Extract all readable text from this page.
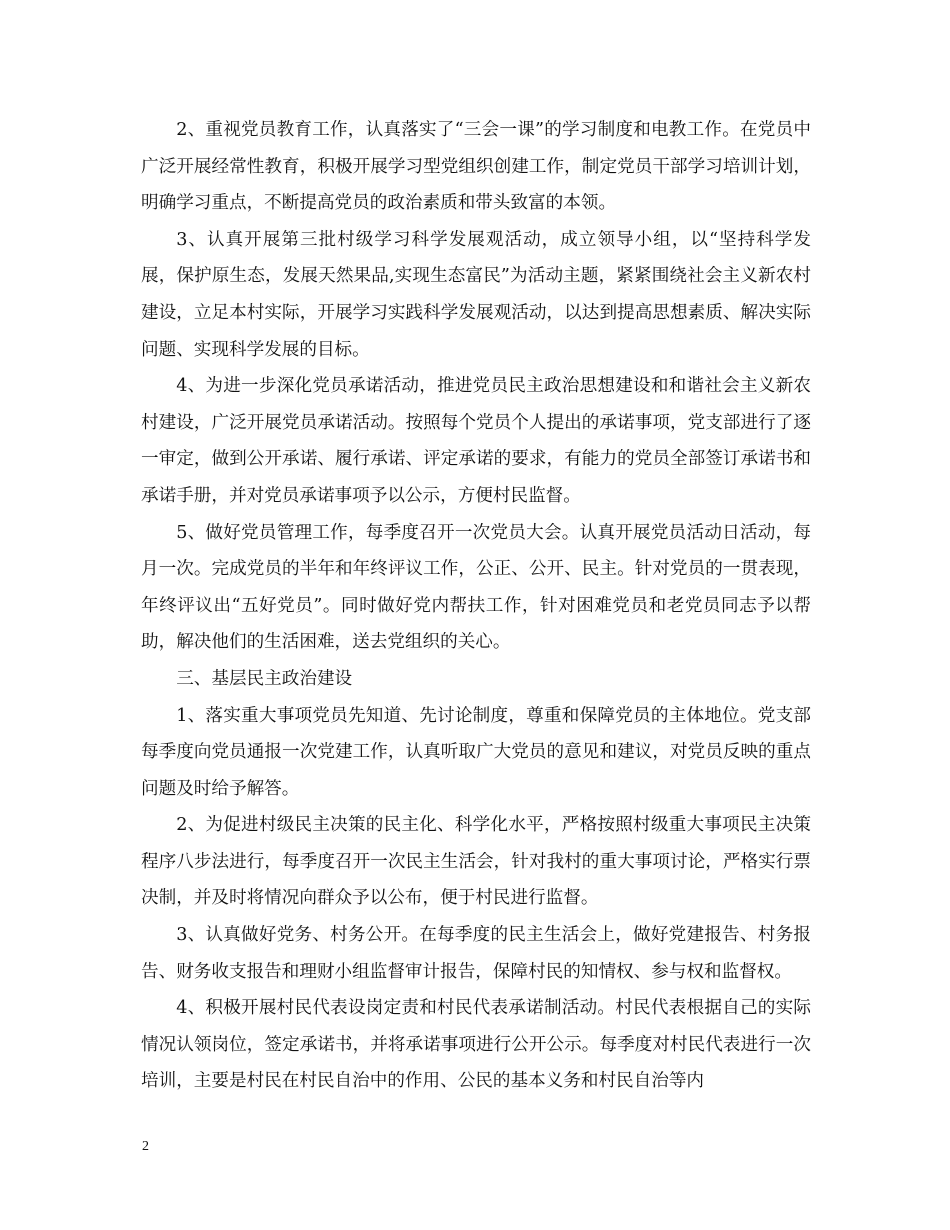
2、重视党员教育工作，认真落实了“三会一课”的学习制度和电教工作。在党员中广泛开展经常性教育，积极开展学习型党组织创建工作，制定党员干部学习培训计划，明确学习重点，不断提高党员的政治素质和带头致富的本领。

3、认真开展第三批村级学习科学发展观活动，成立领导小组，以“坚持科学发展，保护原生态，发展天然果品,实现生态富民”为活动主题，紧紧围绕社会主义新农村建设，立足本村实际，开展学习实践科学发展观活动，以达到提高思想素质、解决实际问题、实现科学发展的目标。

4、为进一步深化党员承诺活动，推进党员民主政治思想建设和和谐社会主义新农村建设，广泛开展党员承诺活动。按照每个党员个人提出的承诺事项，党支部进行了逐一审定，做到公开承诺、履行承诺、评定承诺的要求，有能力的党员全部签订承诺书和承诺手册，并对党员承诺事项予以公示，方便村民监督。

5、做好党员管理工作，每季度召开一次党员大会。认真开展党员活动日活动，每月一次。完成党员的半年和年终评议工作，公正、公开、民主。针对党员的一贯表现，年终评议出“五好党员”。同时做好党内帮扶工作，针对困难党员和老党员同志予以帮助，解决他们的生活困难，送去党组织的关心。

三、基层民主政治建设

1、落实重大事项党员先知道、先讨论制度，尊重和保障党员的主体地位。党支部每季度向党员通报一次党建工作，认真听取广大党员的意见和建议，对党员反映的重点问题及时给予解答。

2、为促进村级民主决策的民主化、科学化水平，严格按照村级重大事项民主决策程序八步法进行，每季度召开一次民主生活会，针对我村的重大事项讨论，严格实行票决制，并及时将情况向群众予以公布，便于村民进行监督。

3、认真做好党务、村务公开。在每季度的民主生活会上，做好党建报告、村务报告、财务收支报告和理财小组监督审计报告，保障村民的知情权、参与权和监督权。

4、积极开展村民代表设岗定责和村民代表承诺制活动。村民代表根据自己的实际情况认领岗位，签定承诺书，并将承诺事项进行公开公示。每季度对村民代表进行一次培训，主要是村民在村民自治中的作用、公民的基本义务和村民自治等内

2
